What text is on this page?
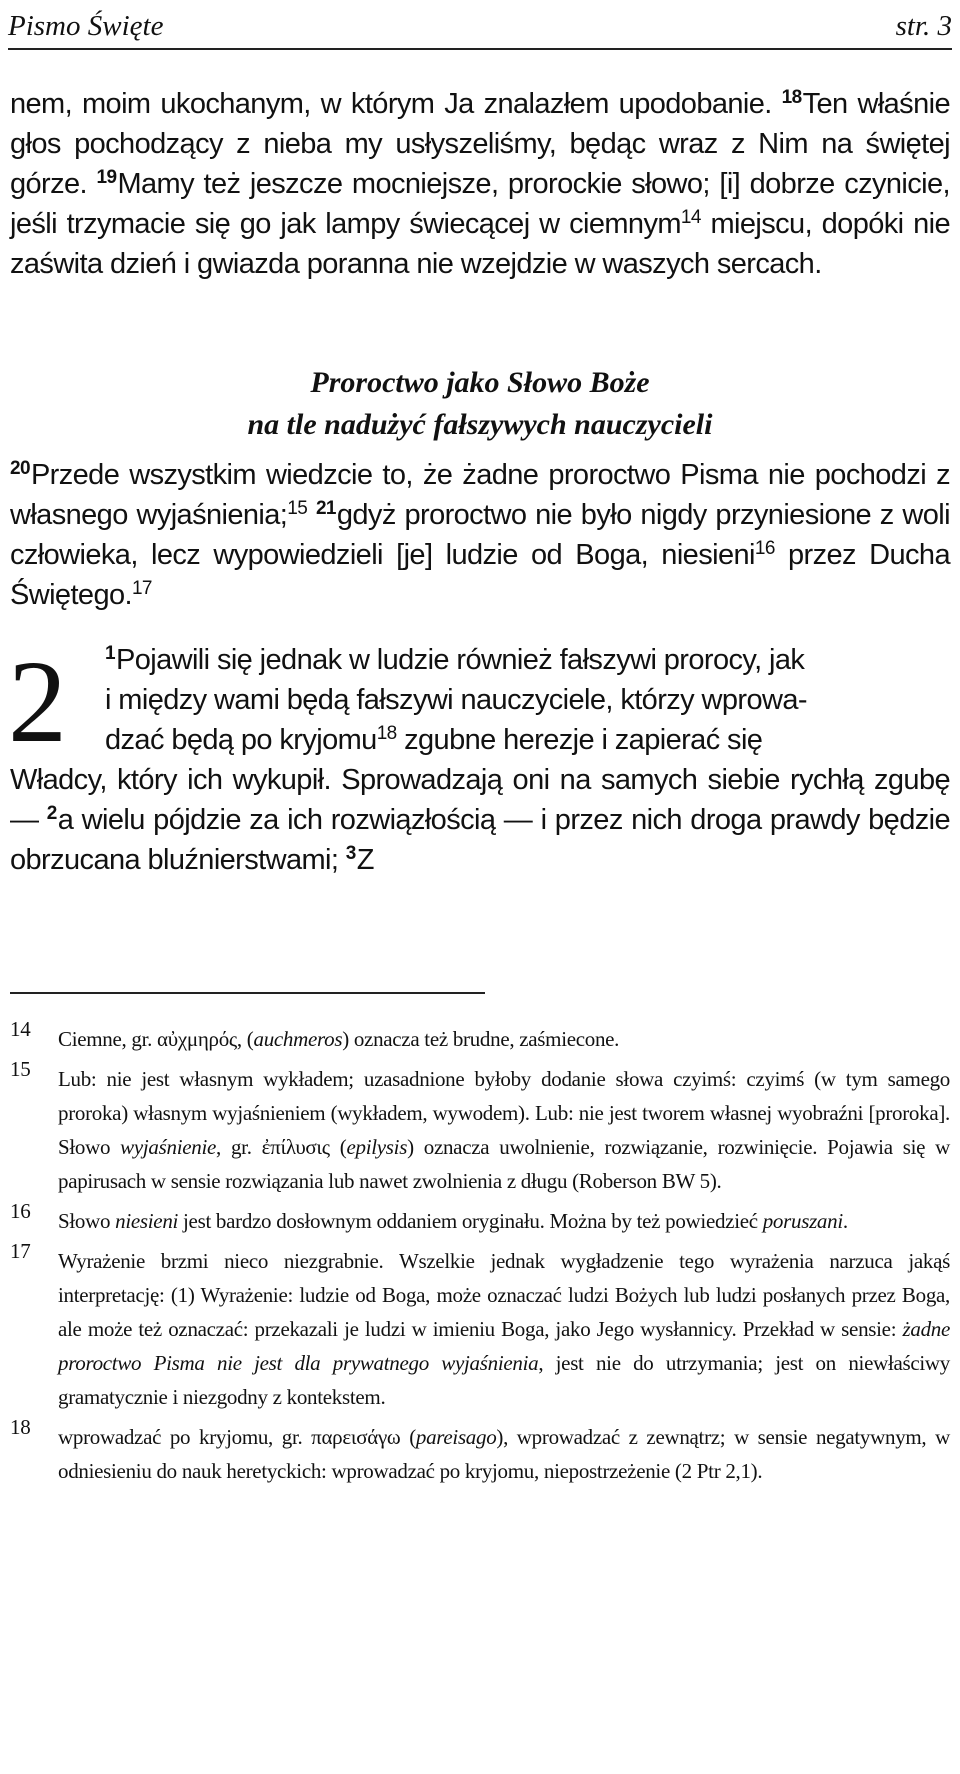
Pismo Święte	str. 3
nem, moim ukochanym, w którym Ja znalazłem upodobanie. $^{18}$Ten właśnie głos pochodzący z nieba my usłyszeliśmy, będąc wraz z Nim na świętej górze. $^{19}$Mamy też jeszcze mocniejsze, prorockie słowo; [i] dobrze czynicie, jeśli trzymacie się go jak lampy świecącej w ciemnym$^{14}$ miejscu, dopóki nie zaświta dzień i gwiazda poranna nie wzejdzie w waszych sercach.
Proroctwo jako Słowo Boże
na tle nadużyć fałszywych nauczycieli
$^{20}$Przede wszystkim wiedzcie to, że żadne proroctwo Pisma nie pochodzi z własnego wyjaśnienia;$^{15}$ $^{21}$gdyż proroctwo nie było nigdy przyniesione z woli człowieka, lecz wypowiedzieli [je] ludzie od Boga, niesieni$^{16}$ przez Ducha Świętego.$^{17}$
2	$^1$Pojawili się jednak w ludzie również fałszywi prorocy, jak
i między wami będą fałszywi nauczyciele, którzy wprowa-
dzać będą po kryjomu$^{18}$ zgubne herezje i zapierać się
Władcy, który ich wykupił. Sprowadzają oni na samych siebie rychłą zgubę — $^2$a wielu pójdzie za ich rozwiązłością — i przez nich droga prawdy będzie obrzucana bluźnierstwami; $^3$Z
14 Ciemne, gr. αὐχμηρός, (auchmeros) oznacza też brudne, zaśmiecone.
15 Lub: nie jest własnym wykładem; uzasadnione byłoby dodanie słowa czyimś: czyimś (w tym samego proroka) własnym wyjaśnieniem (wykładem, wywodem). Lub: nie jest tworem własnej wyobraźni [proroka]. Słowo wyjaśnienie, gr. ἐπίλυσις (epilysis) oznacza uwolnienie, rozwiązanie, rozwinięcie. Pojawia się w papirusach w sensie rozwiązania lub nawet zwolnienia z długu (Roberson BW 5).
16 Słowo niesieni jest bardzo dosłownym oddaniem oryginału. Można by też powiedzieć poruszani.
17 Wyrażenie brzmi nieco niezgrabnie. Wszelkie jednak wygładzenie tego wyrażenia narzuca jakąś interpretację: (1) Wyrażenie: ludzie od Boga, może oznaczać ludzi Bożych lub ludzi posłanych przez Boga, ale może też oznaczać: przekazali je ludzi w imieniu Boga, jako Jego wysłannicy. Przekład w sensie: żadne proroctwo Pisma nie jest dla prywatnego wyjaśnienia, jest nie do utrzymania; jest on niewłaściwy gramatycznie i niezgodny z kontekstem.
18 wprowadzać po kryjomu, gr. παρεισάγω (pareisago), wprowadzać z zewnątrz; w sensie negatywnym, w odniesieniu do nauk heretyckich: wprowadzać po kryjomu, niepostrzeżenie (2 Ptr 2,1).
